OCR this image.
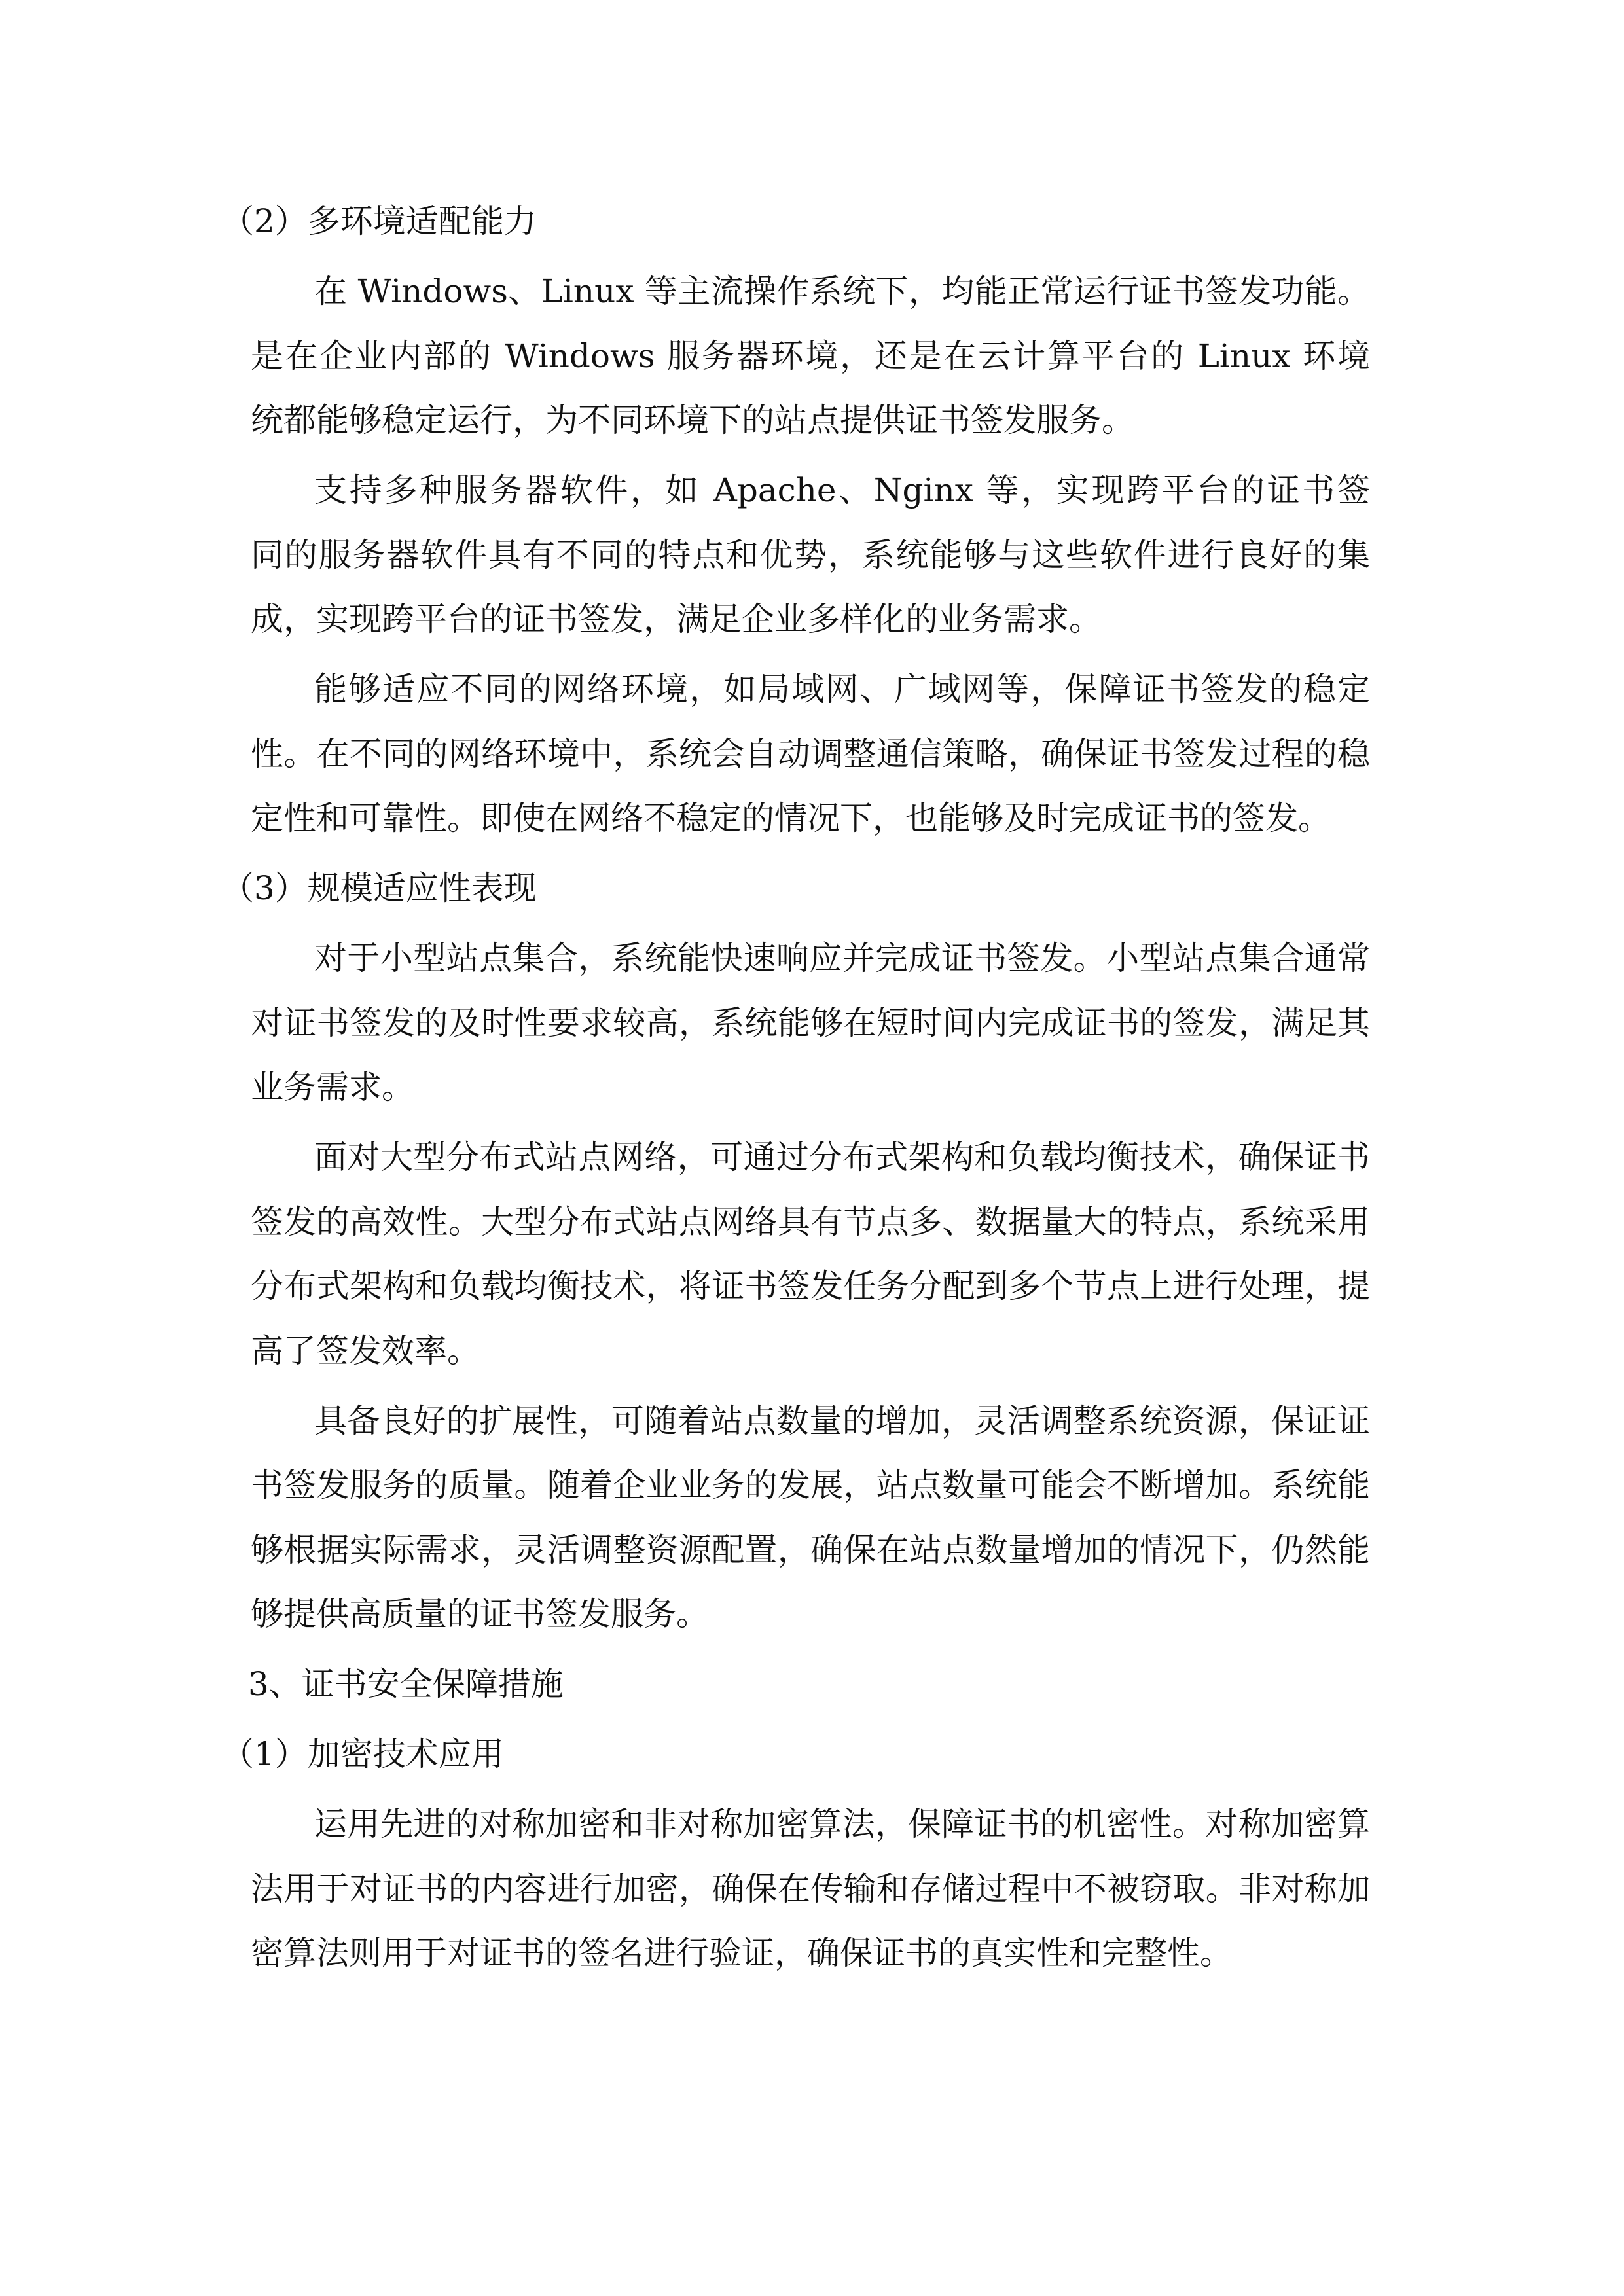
（2）多环境适配能力
在 Windows、Linux 等主流操作系统下，均能正常运行证书签发功能。
是在企业内部的 Windows 服务器环境，还是在云计算平台的 Linux 环境
统都能够稳定运行，为不同环境下的站点提供证书签发服务。
支持多种服务器软件，如 Apache、Nginx 等，实现跨平台的证书签
同的服务器软件具有不同的特点和优势，系统能够与这些软件进行良好的集
成，实现跨平台的证书签发，满足企业多样化的业务需求。
能够适应不同的网络环境，如局域网、广域网等，保障证书签发的稳定
性。在不同的网络环境中，系统会自动调整通信策略，确保证书签发过程的稳
定性和可靠性。即使在网络不稳定的情况下，也能够及时完成证书的签发。
（3）规模适应性表现
对于小型站点集合，系统能快速响应并完成证书签发。小型站点集合通常
对证书签发的及时性要求较高，系统能够在短时间内完成证书的签发，满足其
业务需求。
面对大型分布式站点网络，可通过分布式架构和负载均衡技术，确保证书
签发的高效性。大型分布式站点网络具有节点多、数据量大的特点，系统采用
分布式架构和负载均衡技术，将证书签发任务分配到多个节点上进行处理，提
高了签发效率。
具备良好的扩展性，可随着站点数量的增加，灵活调整系统资源，保证证
书签发服务的质量。随着企业业务的发展，站点数量可能会不断增加。系统能
够根据实际需求，灵活调整资源配置，确保在站点数量增加的情况下，仍然能
够提供高质量的证书签发服务。
3、证书安全保障措施
（1）加密技术应用
运用先进的对称加密和非对称加密算法，保障证书的机密性。对称加密算
法用于对证书的内容进行加密，确保在传输和存储过程中不被窃取。非对称加
密算法则用于对证书的签名进行验证，确保证书的真实性和完整性。
